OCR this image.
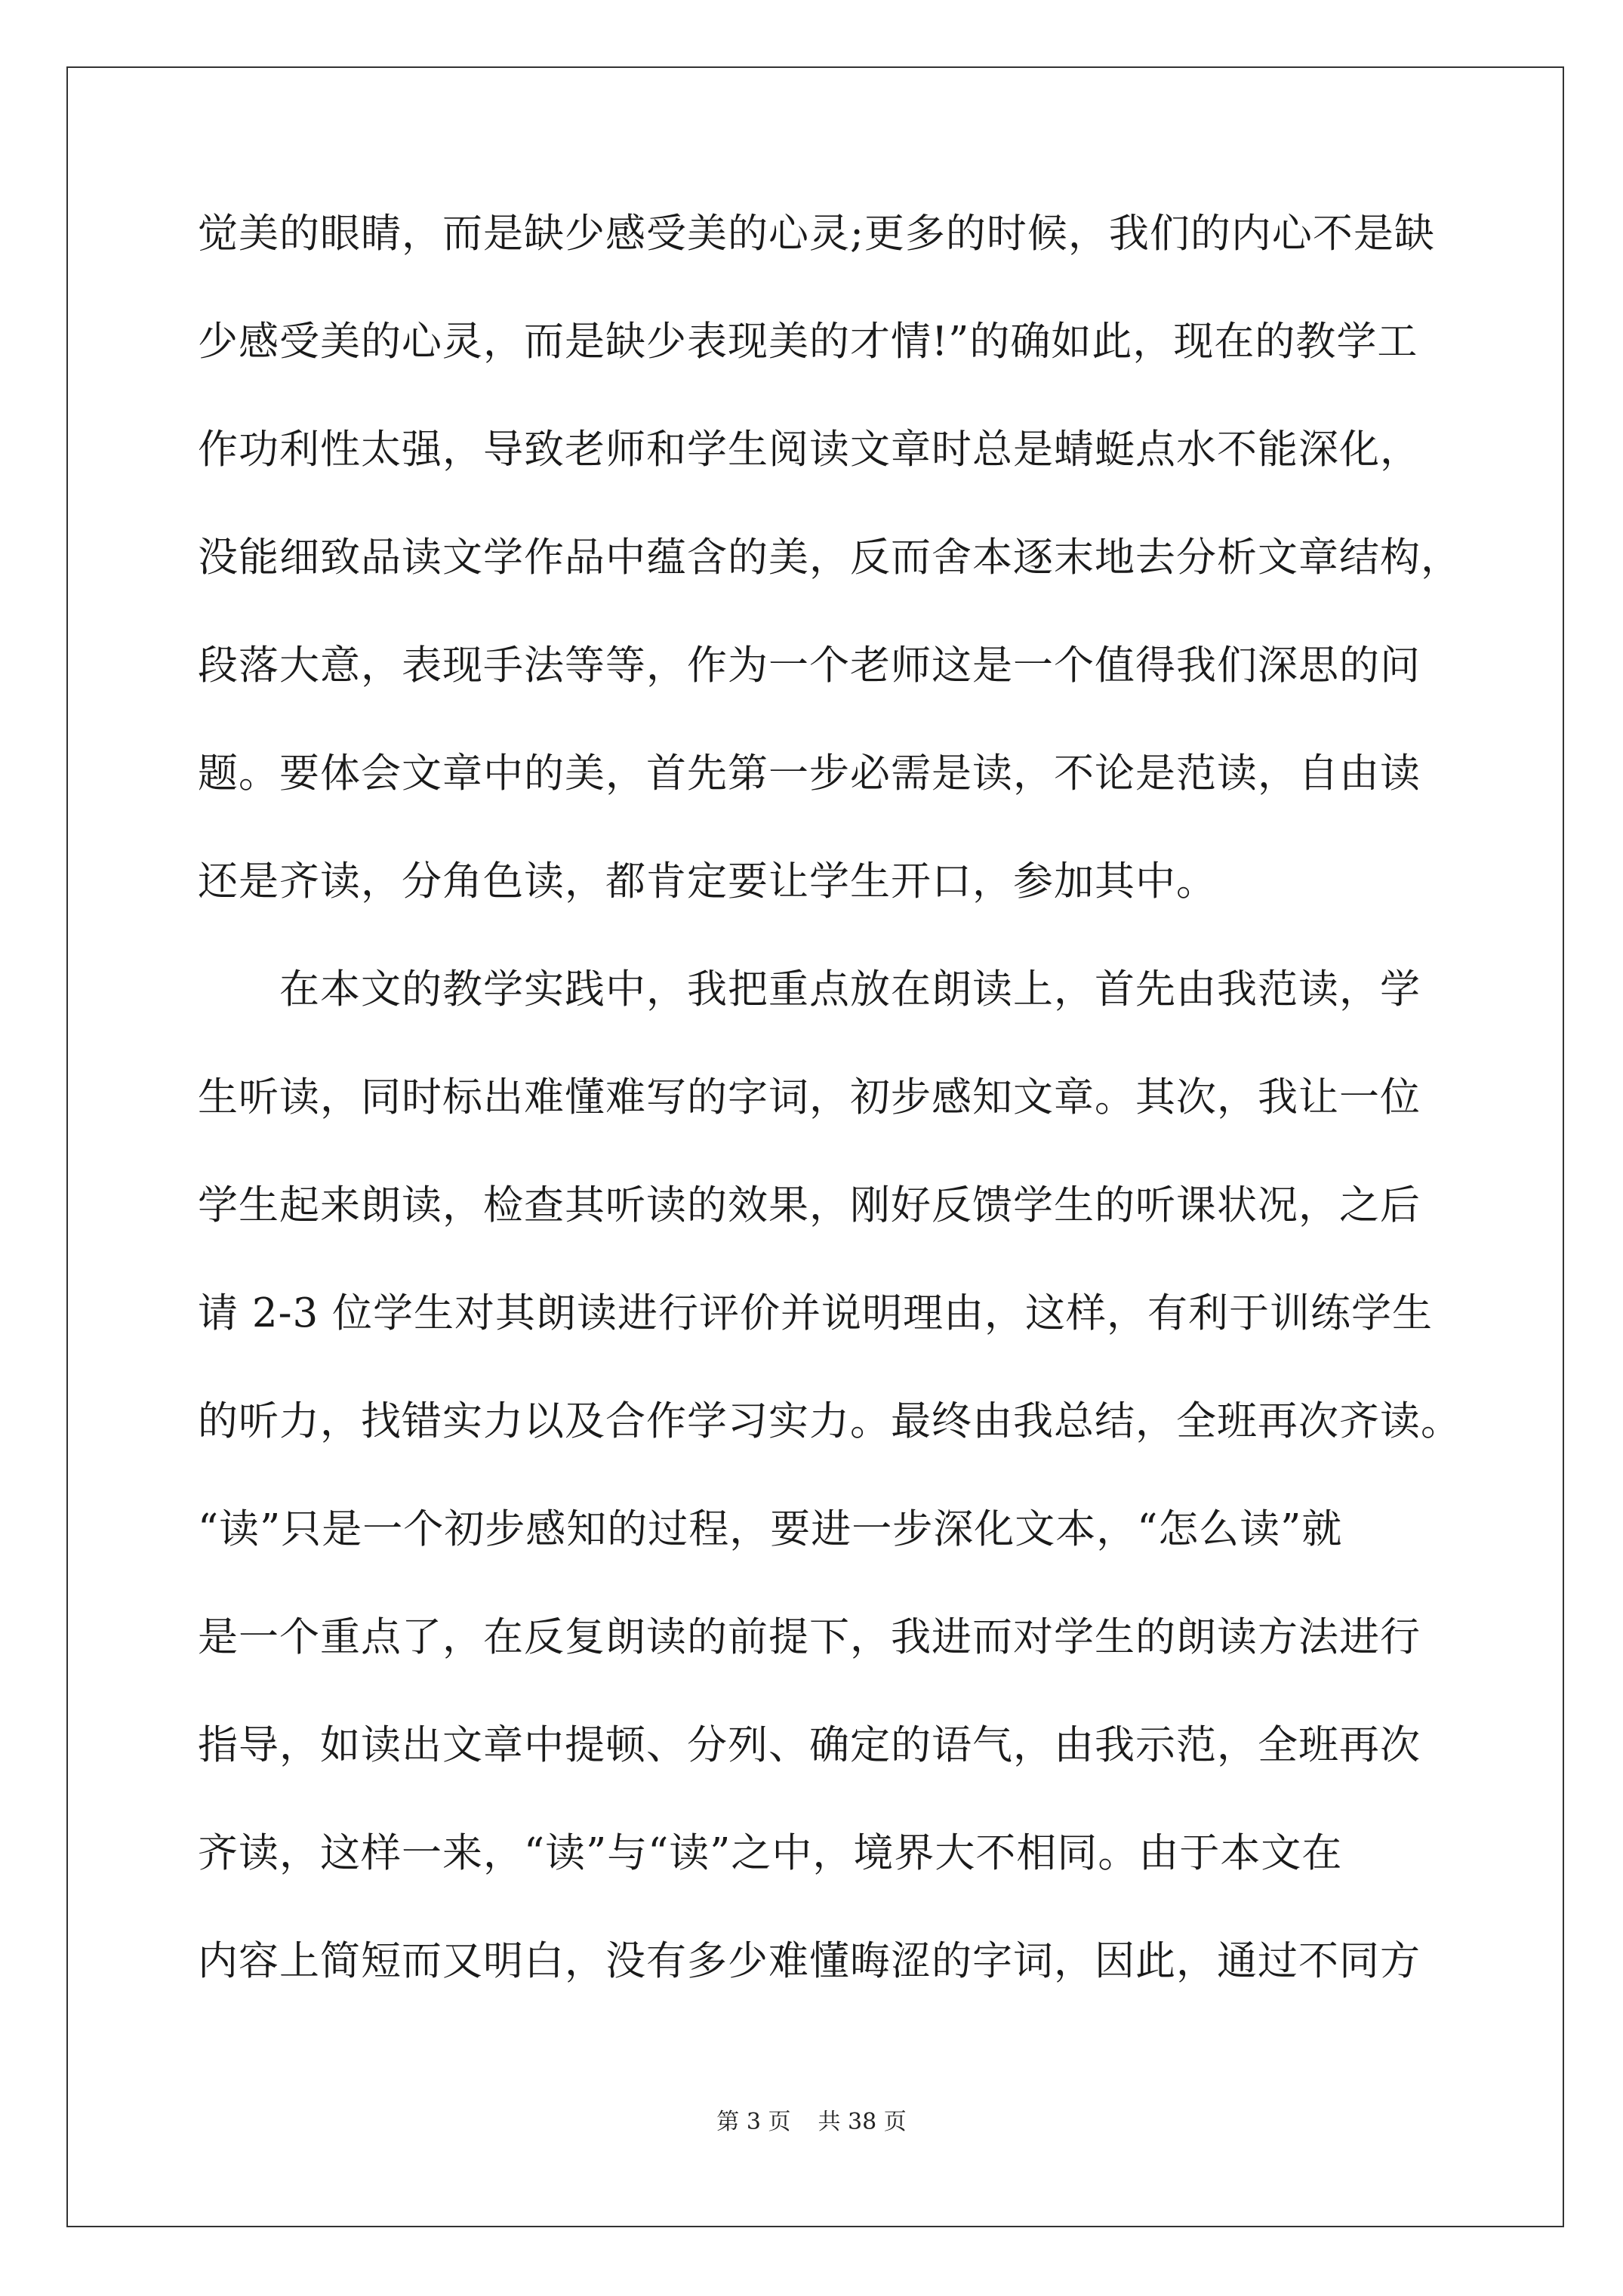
觉美的眼睛，而是缺少感受美的心灵;更多的时候，我们的内心不是缺
少感受美的心灵，而是缺少表现美的才情!”的确如此，现在的教学工
作功利性太强，导致老师和学生阅读文章时总是蜻蜓点水不能深化，
没能细致品读文学作品中蕴含的美，反而舍本逐末地去分析文章结构，
段落大意，表现手法等等，作为一个老师这是一个值得我们深思的问
题。要体会文章中的美，首先第一步必需是读，不论是范读，自由读
还是齐读，分角色读，都肯定要让学生开口，参加其中。
　　在本文的教学实践中，我把重点放在朗读上，首先由我范读，学
生听读，同时标出难懂难写的字词，初步感知文章。其次，我让一位
学生起来朗读，检查其听读的效果，刚好反馈学生的听课状况，之后
请 2-3 位学生对其朗读进行评价并说明理由，这样，有利于训练学生
的听力，找错实力以及合作学习实力。最终由我总结，全班再次齐读。
“读”只是一个初步感知的过程，要进一步深化文本，“怎么读”就
是一个重点了，在反复朗读的前提下，我进而对学生的朗读方法进行
指导，如读出文章中提顿、分列、确定的语气，由我示范，全班再次
齐读，这样一来，“读”与“读”之中，境界大不相同。由于本文在
内容上简短而又明白，没有多少难懂晦涩的字词，因此，通过不同方
第 3 页 共 38 页
